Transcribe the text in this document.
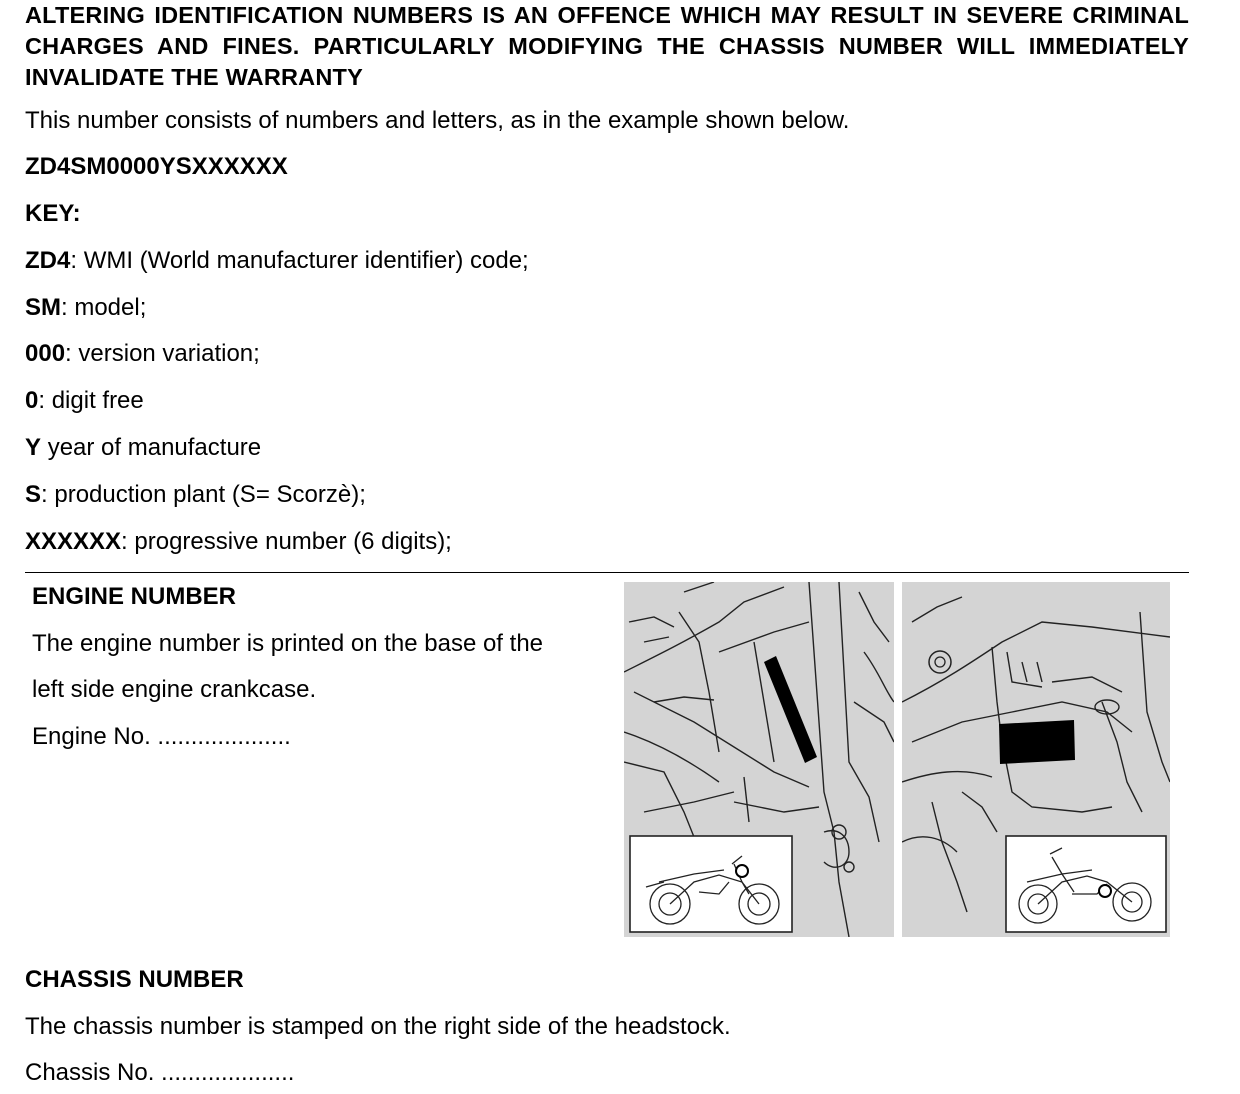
ALTERING IDENTIFICATION NUMBERS IS AN OFFENCE WHICH MAY RESULT IN SEVERE CRIMINAL CHARGES AND FINES. PARTICULARLY MODIFYING THE CHASSIS NUMBER WILL IMMEDIATELY INVALIDATE THE WARRANTY
This number consists of numbers and letters, as in the example shown below.
ZD4SM0000YSXXXXXX
KEY:
ZD4: WMI (World manufacturer identifier) code;
SM: model;
000: version variation;
0: digit free
Y year of manufacture
S: production plant (S= Scorzè);
XXXXXX: progressive number (6 digits);
ENGINE NUMBER
The engine number is printed on the base of the
left side engine crankcase.
Engine No. ....................
CHASSIS NUMBER
The chassis number is stamped on the right side of the headstock.
Chassis No. ....................
